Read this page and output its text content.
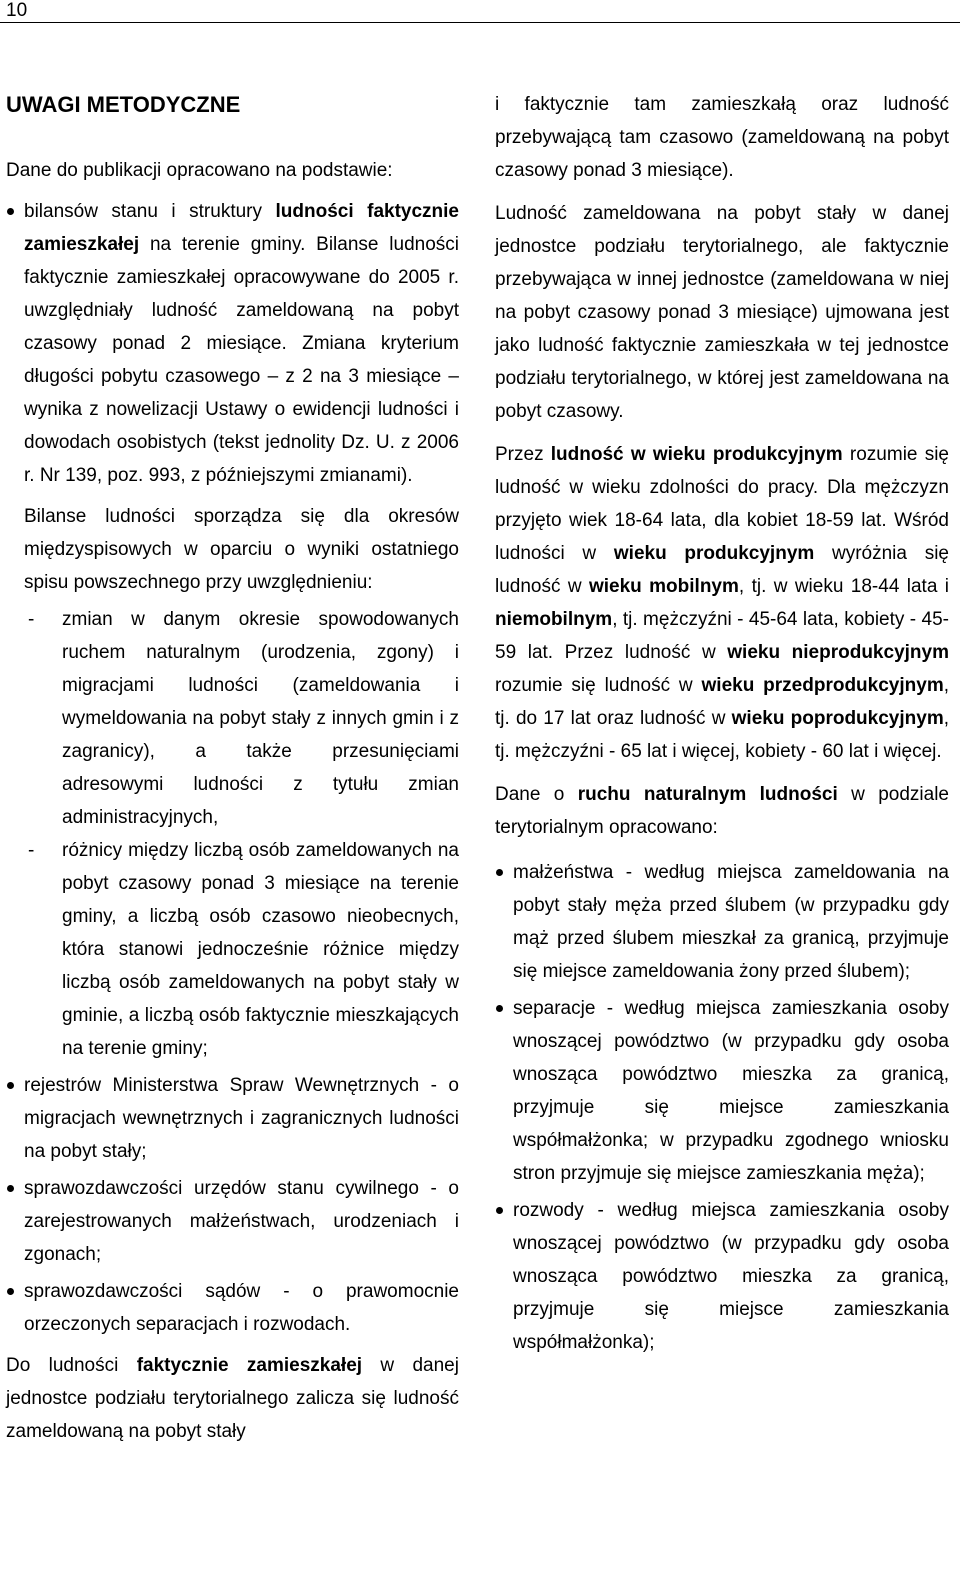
10
UWAGI METODYCZNE

Dane do publikacji opracowano na podstawie:

bilansów stanu i struktury ludności faktycznie zamieszkałej na terenie gminy. Bilanse ludności faktycznie zamieszkałej opracowywane do 2005 r. uwzględniały ludność zameldowaną na pobyt czasowy ponad 2 miesiące. Zmiana kryterium długości pobytu czasowego – z 2 na 3 miesiące – wynika z nowelizacji Ustawy o ewidencji ludności i dowodach osobistych (tekst jednolity Dz. U. z 2006 r. Nr 139, poz. 993, z późniejszymi zmianami).
Bilanse ludności sporządza się dla okresów międzyspisowych w oparciu o wyniki ostatniego spisu powszechnego przy uwzględnieniu:
- zmian w danym okresie spowodowanych ruchem naturalnym (urodzenia, zgony) i migracjami ludności (zameldowania i wymeldowania na pobyt stały z innych gmin i z zagranicy), a także przesunięciami adresowymi ludności z tytułu zmian administracyjnych,
- różnicy między liczbą osób zameldowanych na pobyt czasowy ponad 3 miesiące na terenie gminy, a liczbą osób czasowo nieobecnych, która stanowi jednocześnie różnice między liczbą osób zameldowanych na pobyt stały w gminie, a liczbą osób faktycznie mieszkających na terenie gminy;
rejestrów Ministerstwa Spraw Wewnętrznych - o migracjach wewnętrznych i zagranicznych ludności na pobyt stały;
sprawozdawczości urzędów stanu cywilnego - o zarejestrowanych małżeństwach, urodzeniach i zgonach;
sprawozdawczości sądów - o prawomocnie orzeczonych separacjach i rozwodach.

Do ludności faktycznie zamieszkałej w danej jednostce podziału terytorialnego zalicza się ludność zameldowaną na pobyt stały

i faktycznie tam zamieszkałą oraz ludność przebywającą tam czasowo (zameldowaną na pobyt czasowy ponad 3 miesiące).

Ludność zameldowana na pobyt stały w danej jednostce podziału terytorialnego, ale faktycznie przebywająca w innej jednostce (zameldowana w niej na pobyt czasowy ponad 3 miesiące) ujmowana jest jako ludność faktycznie zamieszkała w tej jednostce podziału terytorialnego, w której jest zameldowana na pobyt czasowy.

Przez ludność w wieku produkcyjnym rozumie się ludność w wieku zdolności do pracy. Dla mężczyzn przyjęto wiek 18-64 lata, dla kobiet 18-59 lat. Wśród ludności w wieku produkcyjnym wyróżnia się ludność w wieku mobilnym, tj. w wieku 18-44 lata i niemobilnym, tj. mężczyźni - 45-64 lata, kobiety - 45-59 lat. Przez ludność w wieku nieprodukcyjnym rozumie się ludność w wieku przedprodukcyjnym, tj. do 17 lat oraz ludność w wieku poprodukcyjnym, tj. mężczyźni - 65 lat i więcej, kobiety - 60 lat i więcej.

Dane o ruchu naturalnym ludności w podziale terytorialnym opracowano:

małżeństwa - według miejsca zameldowania na pobyt stały męża przed ślubem (w przypadku gdy mąż przed ślubem mieszkał za granicą, przyjmuje się miejsce zameldowania żony przed ślubem);
separacje - według miejsca zamieszkania osoby wnoszącej powództwo (w przypadku gdy osoba wnosząca powództwo mieszka za granicą, przyjmuje się miejsce zamieszkania współmałżonka; w przypadku zgodnego wniosku stron przyjmuje się miejsce zamieszkania męża);
rozwody - według miejsca zamieszkania osoby wnoszącej powództwo (w przypadku gdy osoba wnosząca powództwo mieszka za granicą, przyjmuje się miejsce zamieszkania współmałżonka);
